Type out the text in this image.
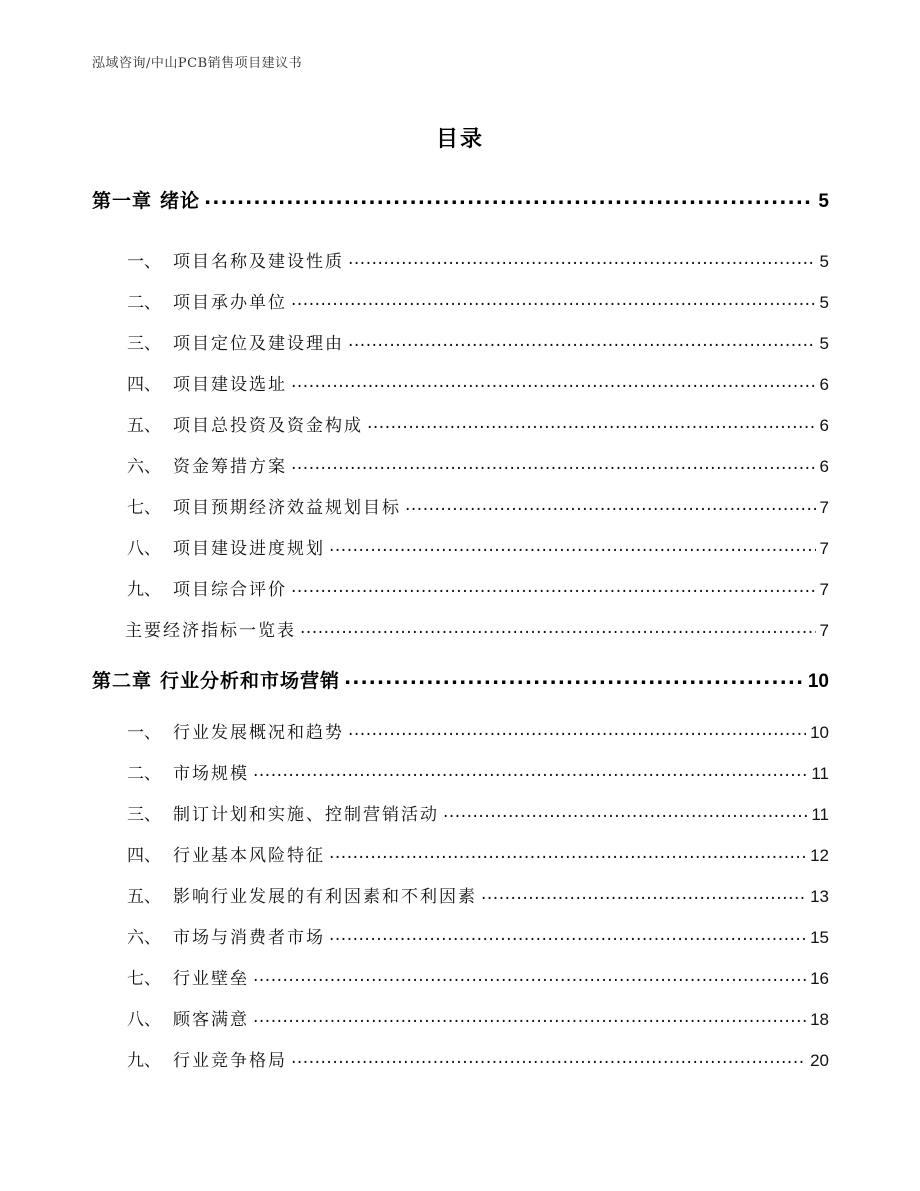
泓域咨询/中山PCB销售项目建议书
目录
第一章 绪论 .....	5
一、 项目名称及建设性质 .....	5
二、 项目承办单位 .....	5
三、 项目定位及建设理由 .....	5
四、 项目建设选址 .....	6
五、 项目总投资及资金构成 .....	6
六、 资金筹措方案 .....	6
七、 项目预期经济效益规划目标 .....	7
八、 项目建设进度规划 .....	7
九、 项目综合评价 .....	7
主要经济指标一览表 .....	7
第二章 行业分析和市场营销 .....	10
一、 行业发展概况和趋势 .....	10
二、 市场规模 .....	11
三、 制订计划和实施、控制营销活动 .....	11
四、 行业基本风险特征 .....	12
五、 影响行业发展的有利因素和不利因素 .....	13
六、 市场与消费者市场 .....	15
七、 行业壁垒 .....	16
八、 顾客满意 .....	18
九、 行业竞争格局 .....	20
